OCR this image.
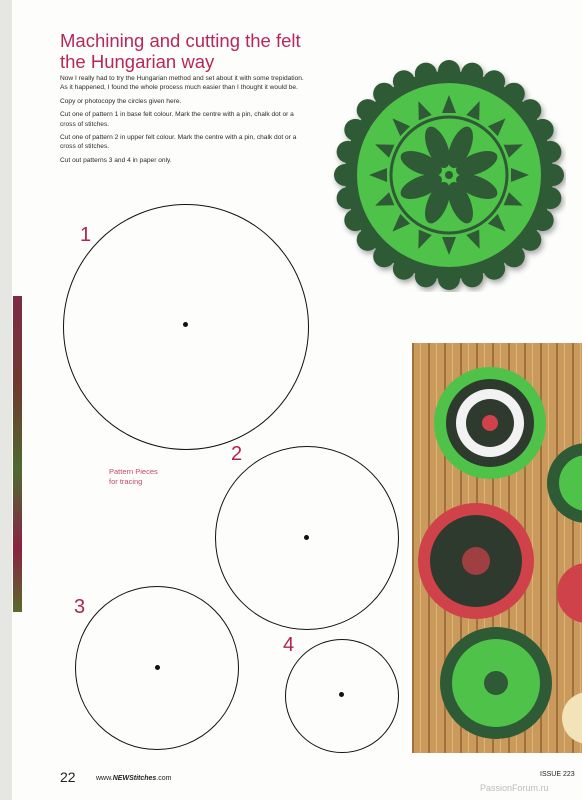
Machining and cutting the felt the Hungarian way

Now I really had to try the Hungarian method and set about it with some trepidation. As it happened, I found the whole process much easier than I thought it would be.

Copy or photocopy the circles given here.

Cut one of pattern 1 in base felt colour. Mark the centre with a pin, chalk dot or a cross of stitches.

Cut one of pattern 2 in upper felt colour. Mark the centre with a pin, chalk dot or a cross of stitches.

Cut out patterns 3 and 4 in paper only.

1
2
3
4
Pattern Pieces
for tracing
22	www.NEWStitches.com
ISSUE 223
PassionForum.ru
